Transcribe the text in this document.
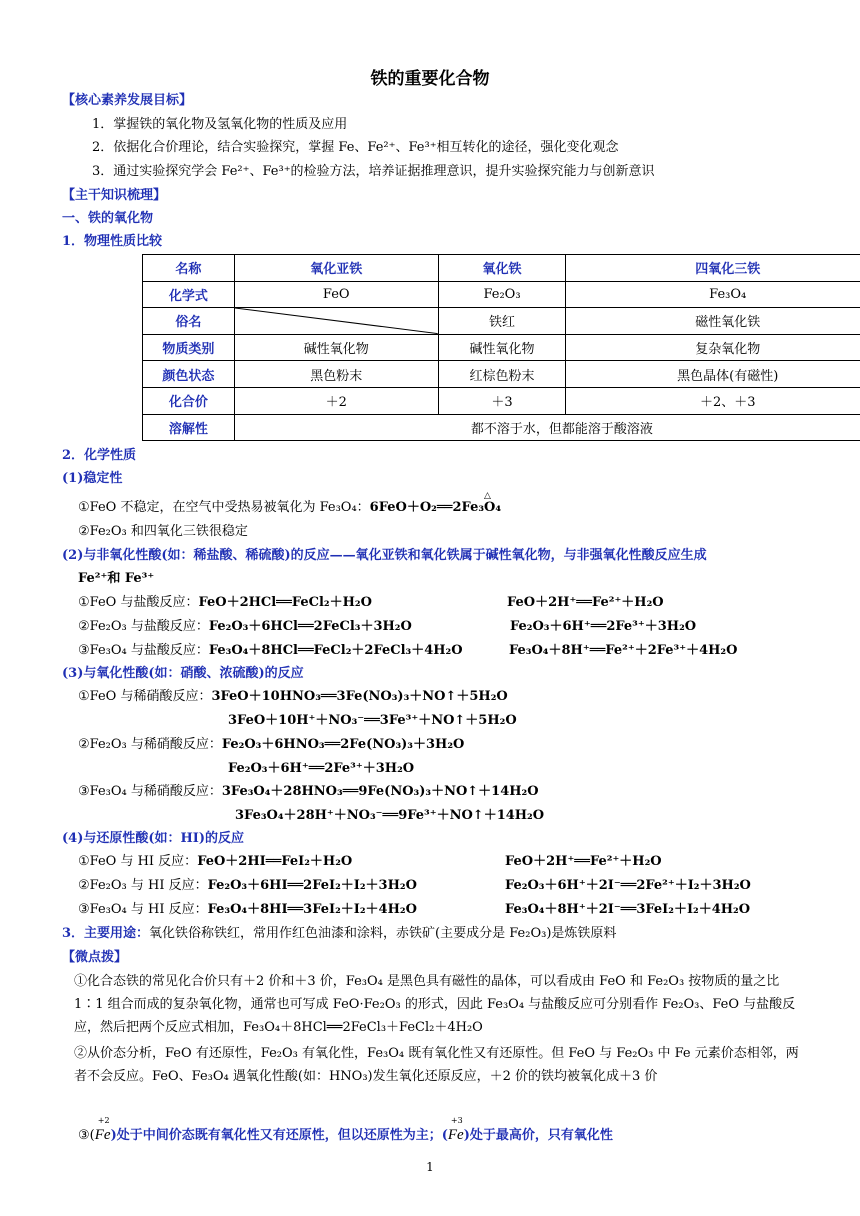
铁的重要化合物
【核心素养发展目标】
1．掌握铁的氧化物及氢氧化物的性质及应用
2．依据化合价理论，结合实验探究，掌握 Fe、Fe²⁺、Fe³⁺相互转化的途径，强化变化观念
3．通过实验探究学会 Fe²⁺、Fe³⁺的检验方法，培养证据推理意识，提升实验探究能力与创新意识
【主干知识梳理】
一、铁的氧化物
1．物理性质比较
名称	氧化亚铁	氧化铁	四氧化三铁
化学式	FeO	Fe₂O₃	Fe₃O₄
俗名		铁红	磁性氧化铁
物质类别	碱性氧化物	碱性氧化物	复杂氧化物
颜色状态	黑色粉末	红棕色粉末	黑色晶体(有磁性)
化合价	＋2	＋3	＋2、＋3
溶解性	都不溶于水，但都能溶于酸溶液		
2．化学性质
(1)稳定性
①FeO 不稳定，在空气中受热易被氧化为 Fe₃O₄：6FeO＋O₂══2Fe₃O₄
△
②Fe₂O₃ 和四氧化三铁很稳定
(2)与非氧化性酸(如：稀盐酸、稀硫酸)的反应——氧化亚铁和氧化铁属于碱性氧化物，与非强氧化性酸反应生成
Fe²⁺和 Fe³⁺
①FeO 与盐酸反应：FeO＋2HCl══FeCl₂＋H₂O	FeO＋2H⁺══Fe²⁺＋H₂O
②Fe₂O₃ 与盐酸反应：Fe₂O₃＋6HCl══2FeCl₃＋3H₂O	Fe₂O₃＋6H⁺══2Fe³⁺＋3H₂O
③Fe₃O₄ 与盐酸反应：Fe₃O₄＋8HCl══FeCl₂＋2FeCl₃＋4H₂O	Fe₃O₄＋8H⁺══Fe²⁺＋2Fe³⁺＋4H₂O
(3)与氧化性酸(如：硝酸、浓硫酸)的反应
①FeO 与稀硝酸反应：3FeO＋10HNO₃══3Fe(NO₃)₃＋NO↑＋5H₂O
3FeO＋10H⁺＋NO₃⁻══3Fe³⁺＋NO↑＋5H₂O
②Fe₂O₃ 与稀硝酸反应：Fe₂O₃＋6HNO₃══2Fe(NO₃)₃＋3H₂O
Fe₂O₃＋6H⁺══2Fe³⁺＋3H₂O
③Fe₃O₄ 与稀硝酸反应：3Fe₃O₄＋28HNO₃══9Fe(NO₃)₃＋NO↑＋14H₂O
3Fe₃O₄＋28H⁺＋NO₃⁻══9Fe³⁺＋NO↑＋14H₂O
(4)与还原性酸(如：HI)的反应
①FeO 与 HI 反应：FeO＋2HI══FeI₂＋H₂O	FeO＋2H⁺══Fe²⁺＋H₂O
②Fe₂O₃ 与 HI 反应：Fe₂O₃＋6HI══2FeI₂＋I₂＋3H₂O	Fe₂O₃＋6H⁺＋2I⁻══2Fe²⁺＋I₂＋3H₂O
③Fe₃O₄ 与 HI 反应：Fe₃O₄＋8HI══3FeI₂＋I₂＋4H₂O	Fe₃O₄＋8H⁺＋2I⁻══3FeI₂＋I₂＋4H₂O
3．主要用途：氧化铁俗称铁红，常用作红色油漆和涂料，赤铁矿(主要成分是 Fe₂O₃)是炼铁原料
【微点拨】
①化合态铁的常见化合价只有＋2 价和＋3 价，Fe₃O₄ 是黑色具有磁性的晶体，可以看成由 FeO 和 Fe₂O₃ 按物质的量之比 1∶1 组合而成的复杂氧化物，通常也可写成 FeO·Fe₂O₃ 的形式，因此 Fe₃O₄ 与盐酸反应可分别看作 Fe₂O₃、FeO 与盐酸反应，然后把两个反应式相加，Fe₃O₄＋8HCl══2FeCl₃＋FeCl₂＋4H₂O
②从价态分析，FeO 有还原性，Fe₂O₃ 有氧化性，Fe₃O₄ 既有氧化性又有还原性。但 FeO 与 Fe₂O₃ 中 Fe 元素价态相邻，两者不会反应。FeO、Fe₃O₄ 遇氧化性酸(如：HNO₃)发生氧化还原反应，＋2 价的铁均被氧化成＋3 价
③(Fe
+2
)处于中间价态既有氧化性又有还原性，但以还原性为主；(Fe
+3
)处于最高价，只有氧化性
1
